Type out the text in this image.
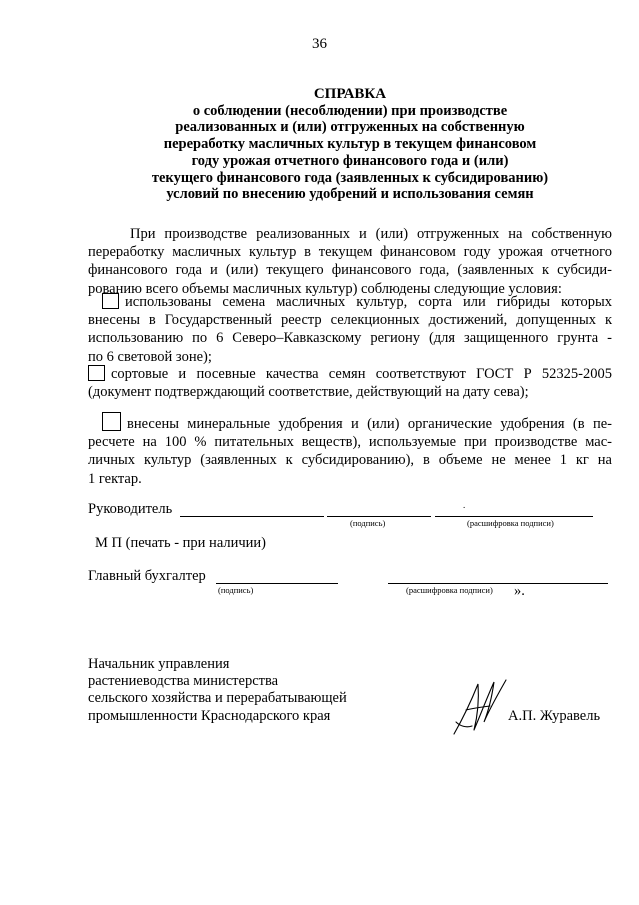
36
СПРАВКА
о соблюдении (несоблюдении) при производстве
реализованных и (или) отгруженных на собственную
переработку масличных культур в текущем финансовом
году урожая отчетного финансового года и (или)
текущего финансового года (заявленных к субсидированию)
условий по внесению удобрений и использования семян
При производстве реализованных и (или) отгруженных на собственную
переработку масличных культур в текущем финансовом году урожая отчетного
финансового года и (или) текущего финансового года, (заявленных к субсиди-
рованию всего объемы масличных культур) соблюдены следующие условия:
использованы семена масличных культур, сорта или гибриды которых
внесены в Государственный реестр селекционных достижений, допущенных к
использованию по 6 Северо–Кавказскому региону (для защищенного грунта -
по 6 световой зоне);
сортовые и посевные качества семян соответствуют ГОСТ Р 52325-2005
(документ подтверждающий соответствие, действующий на дату сева);
внесены минеральные удобрения и (или) органические удобрения (в пе-
ресчете на 100 % питательных веществ), используемые при производстве мас-
личных культур (заявленных к субсидированию), в объеме не менее 1 кг на
1 гектар.
Руководитель
(подпись)	(расшифровка подписи)
.
М П (печать - при наличии)
Главный бухгалтер
(подпись)	(расшифровка подписи) ».
Начальник управления
растениеводства министерства
сельского хозяйства и перерабатывающей
промышленности Краснодарского края	А.П. Журавель
